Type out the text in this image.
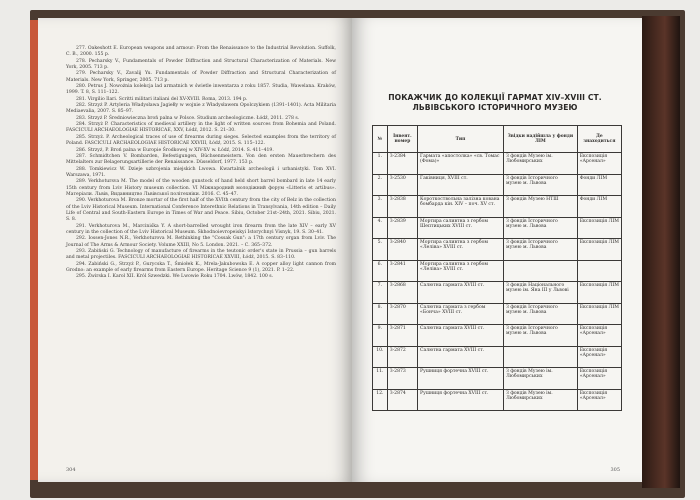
277. Oakeshott E. European weapons and armour: From the Renaissance to the Industrial Revolution. Suffolk, C. B., 2000. 155 p.

278. Pecharsky V., Fundamentals of Powder Diffraction and Structural Characterization of Materials. New York, 2005. 713 p.

279. Pecharsky V., Zavalij Yu. Fundamentals of Powder Diffraction and Structural Characterization of Materials. New York, Springer, 2005. 713 p.

280. Petrus J. Nowożnia kolekcja lad armatnich w świetle inwentarza z roku 1857. Studia, Wawelana. Kraków, 1999. T. 8, S. 111–122.

281. Virgilio Ilari. Scritti militari italiani del XV-XVIII. Roma, 2013. 194 p.

282. Strzyż P. Artyleria Władysława Jagiełły w wojnie z Władysławem Opolczykiem (1391–1401). Acta Militaria Mediaevalia, 2007. S. 85–97.

283. Strzyż P. Średniowieczna broń palna w Polsce. Studium archeologiczne. Łódź, 2011. 278 s.

284. Strzyż P. Characteristics of medieval artillery in the light of written sources from Bohemia and Poland. FASCICULI ARCHAEOLOGIAE HISTORICAE, XXV, Łódź, 2012. S. 21–30.

285. Strzyż. P. Archeological traces of use of firearms during sieges. Selected examples from the territory of Poland. FASCICULI ARCHAEOLOGIAE HISTORICAE XXVIII, Łódź, 2015. S. 115–122.

286. Strzyż, P. Broń palna w Europie Środkowej w XIV-XV w. Łódź, 2014. S. 411–419.

287. Schmidtchen V. Bombarden, Befestigungen, Büchsenmeistern. Von den ersten Mauerbrechern des Mittelalters zur Belagerungsartillerie der Renaissance. Düsseldorf, 1977. 153 p.

288. Tomkiewicz W. Dzieje uzbrojenia miejskich Lwowa. Kwartalnik archeologii i urbanistyki. Tom XVI. Warszawa, 1971.

289. Verkhotursva M. The model of the wooden gunstock of hand held short barrel bombard in late 14 early 15th century from Lviv History museum collection. VI Міжнародний молодіжний форум «Litteris et artibus». Матеріали. Львів, Видавництво Львівської політехніки. 2016. C. 45–47.

290. Verkhoturova M. Bronze mortar of the first half of the XVIth century from the city of Belz in the collection of the Lviv Historical Museum. International Conference Interethnic Relations in Transylvania, 14th edition – Daily Life of Central and South-Eastern Europe in Times of War and Peace. Sibiu, October 21st–24th, 2021. Sibiu, 2021. S. 8.

291. Verkhoturova M., Marciniśka Y. A short-barrelled wrought iron firearm from the late XIV – early XV century in the collection of the Lviv Historical Museum. Skhodnoievropeiskyi Istorychnyi Visnyk, 19. S. 30–41.

292. Iossen-Jones N.R., Verkhoturova M. Rethinking the "Cossak Gun": a 17th century organ from Lviv. The Journal of The Arms & Armour Society. Volume XXIII, No 5. London. 2021. – С. 365–372.

293. Zabiński G. Technology of manufacture of firearms in the teutonic order's state in Prussia – gun barrels and metal projectiles. FASCICULI ARCHAEOLOGIAE HISTORICAE XXVIII, Łódź, 2015. S. 83–110.

294. Zabiński G., Strzyż P., Gurycska T., Śmiołek K., Mrela-Jakubowska E. A copper alloy light cannon from Grodno: an example of early firearms from Eastern Europe. Heritage Science 9 (1), 2021. P. 1–22.

295. Żwirska I. Karol XII. Król Szwedzki. We Lwowie Roku 1704. Lwów, 1842. 100 s.

304
ПОКАЖЧИК ДО КОЛЕКЦІЇ ГАРМАТ XIV–XVIII СТ.
ЛЬВІВСЬКОГО ІСТОРИЧНОГО МУЗЕЮ
№	Інвент. номер	Тип	Звідки надійшла у фонди ЛІМ	Де знаходиться
1.	З-2384	Гармата «апостолка» «св. Томас (Фома)»	З фондів Музею ім. Любомирських	Експозиція «Арсенал»
2.	З-2530	Гаківниця, XVIII ст.	З фондів Історичного музею м. Львова	Фонди ЛІМ
3.	З-2838	Короткоствольна залізна кована бомбарда кін. XIV – поч. XV ст.	З фондів Музею НТШ	Фонди ЛІМ
4.	З-2839	Мортира саливтна з гербом Шептицьких XVIII ст.	З фондів Історичного музею м. Львова	Експозиція ЛІМ
5.	З-2840	Мортира саливтна з гербом «Леліва» XVIII ст.	З фондів Історичного музею м. Львова	Експозиція ЛІМ
6.	З-2841	Мортира саливтна з гербом «Леліва» XVIII ст.		
7.	З-2868	Салютна гармата XVIII ст.	З фондів Національного музею ім. Яна III у Львові	Експозиція ЛІМ
8.	З-2870	Салютна гармата з гербом «Бонча» XVIII ст.	З фондів Історичного музею м. Львова	Експозиція ЛІМ
9.	З-2871	Салютна гармата XVIII ст.	З фондів Історичного музею м. Львова	Експозиція «Арсенал»
10.	З-2872	Салютна гармата XVIII ст.		Експозиція «Арсенал»
11.	З-2873	Рушниця фортечна XVIII ст.	З фондів Музею ім. Любомирських	Експозиція «Арсенал»
12.	З-2874	Рушниця фортечна XVIII ст.	З фондів Музею ім. Любомирських	Експозиція «Арсенал»
305
